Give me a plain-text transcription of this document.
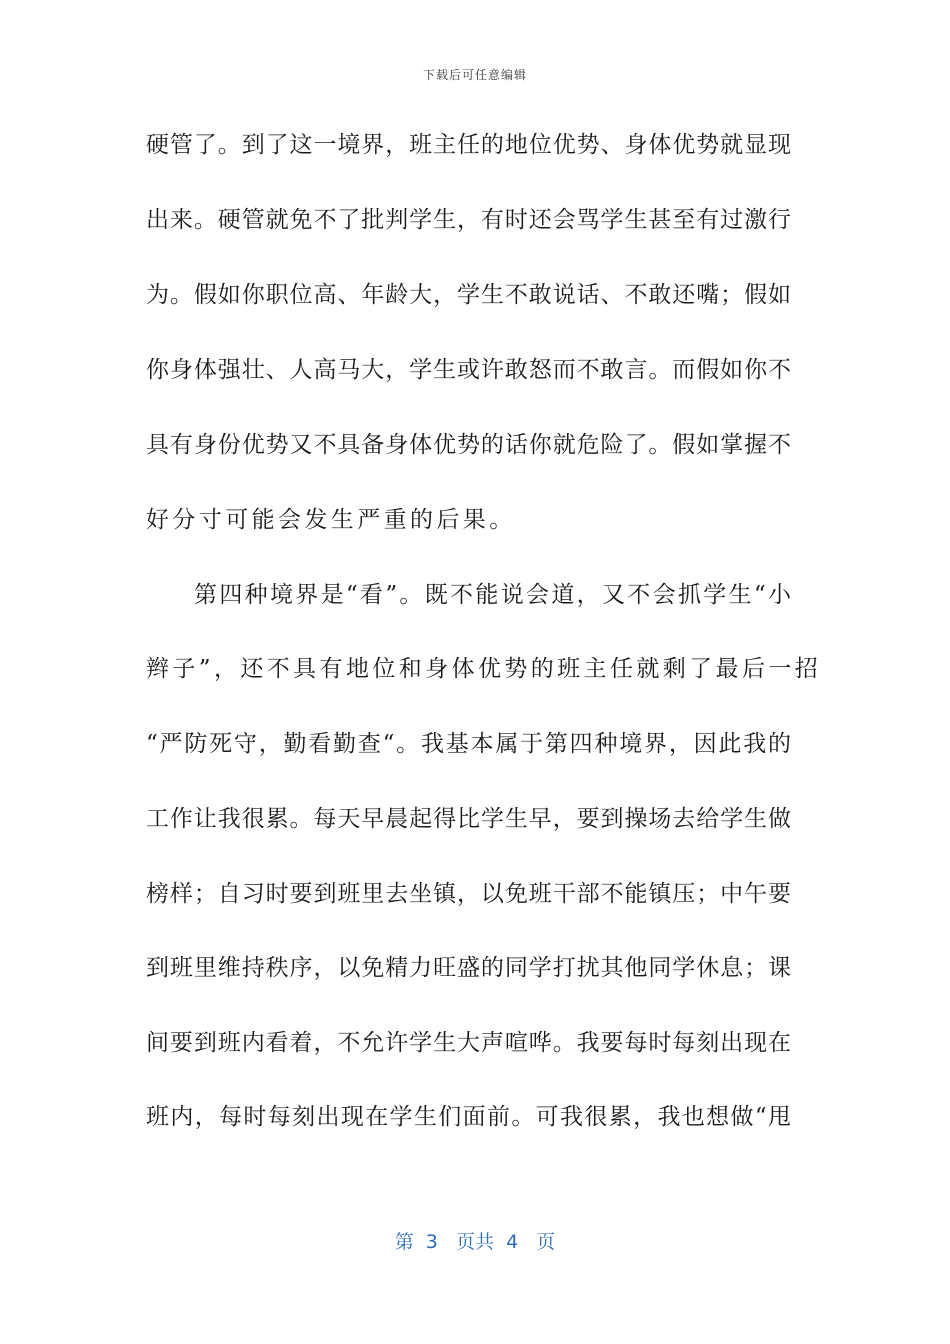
下载后可任意编辑
硬管了。到了这一境界，班主任的地位优势、身体优势就显现
出来。硬管就免不了批判学生，有时还会骂学生甚至有过激行
为。假如你职位高、年龄大，学生不敢说话、不敢还嘴；假如
你身体强壮、人高马大，学生或许敢怒而不敢言。而假如你不
具有身份优势又不具备身体优势的话你就危险了。假如掌握不
好分寸可能会发生严重的后果。
第四种境界是“看”。既不能说会道，又不会抓学生“小
辫子”，还不具有地位和身体优势的班主任就剩了最后一招
“严防死守，勤看勤查“。我基本属于第四种境界，因此我的
工作让我很累。每天早晨起得比学生早，要到操场去给学生做
榜样；自习时要到班里去坐镇，以免班干部不能镇压；中午要
到班里维持秩序，以免精力旺盛的同学打扰其他同学休息；课
间要到班内看着，不允许学生大声喧哗。我要每时每刻出现在
班内，每时每刻出现在学生们面前。可我很累，我也想做“甩
第  3   页共  4   页
